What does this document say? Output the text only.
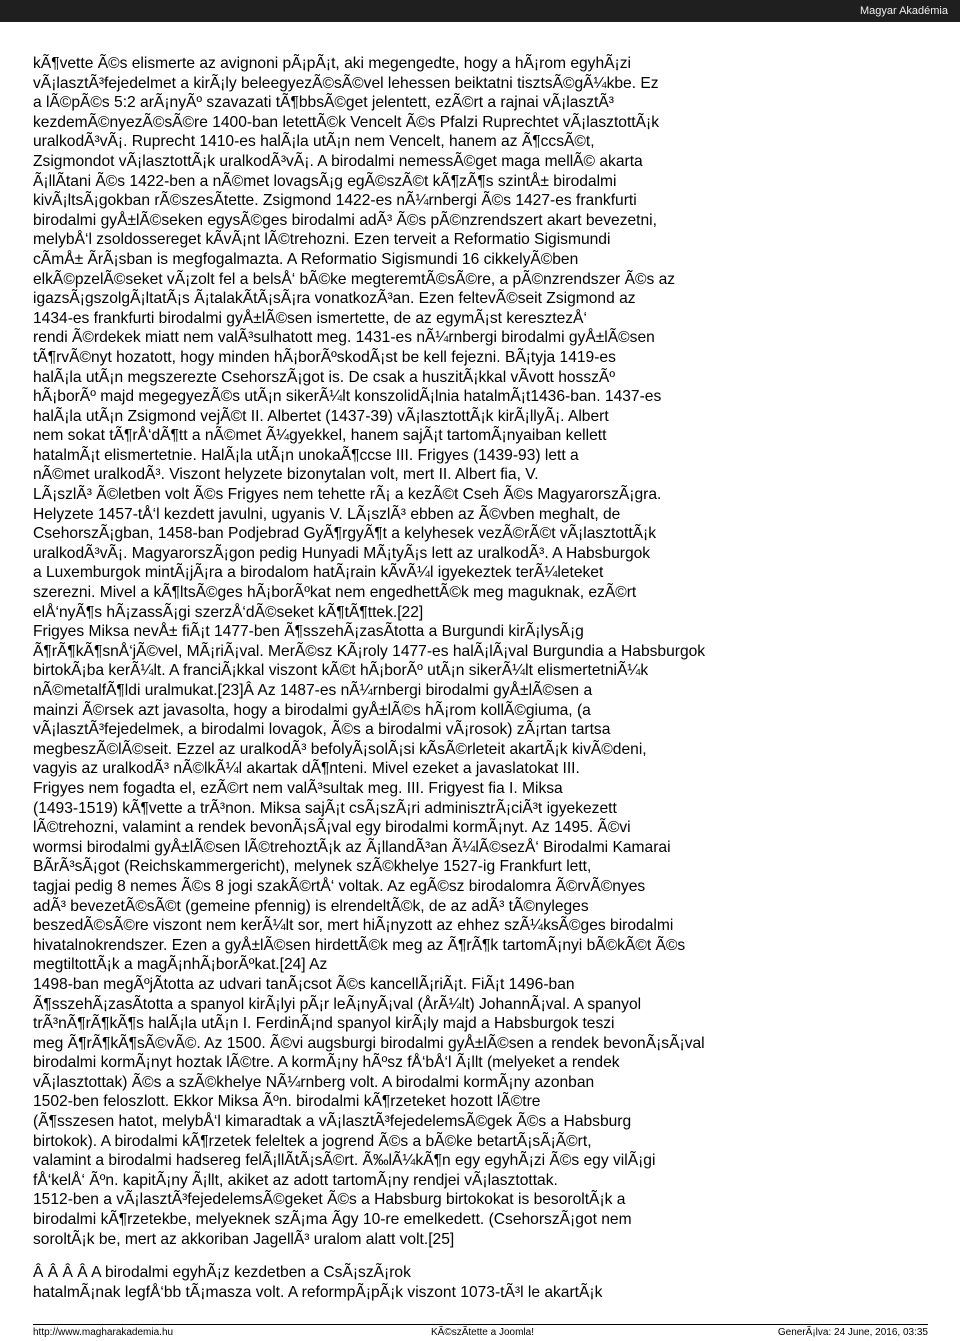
Magyar Akadémia
kÃ¶vette Ã©s elismerte az avignoni pÃ¡pÃ¡t, aki megengedte, hogy a hÃ¡rom egyhÃ¡zi
vÃ¡lasztÃ³fejedelmet a kirÃ¡ly beleegyezÃ©sÃ©vel lehessen beiktatni tisztsÃ©gÃ¼kbe. Ez
a lÃ©pÃ©s 5:2 arÃ¡nyÃº szavazati tÃ¶bbsÃ©get jelentett, ezÃ©rt a rajnai vÃ¡lasztÃ³
kezdemÃ©nyezÃ©sÃ©re 1400-ban letettÃ©k Vencelt Ã©s Pfalzi Ruprechtet vÃ¡lasztottÃ¡k
uralkodÃ³vÃ¡. Ruprecht 1410-es halÃ¡la utÃ¡n nem Vencelt, hanem az Ã¶ccsÃ©t,
Zsigmondot vÃ¡lasztottÃ¡k uralkodÃ³vÃ¡. A birodalmi nemessÃ©get maga mellÃ© akarta
Ã¡llÃtani Ã©s 1422-ben a nÃ©met lovagsÃ¡g egÃ©szÃ©t kÃ¶zÃ¶s szintÅ± birodalmi
kivÃ¡ltsÃ¡gokban rÃ©szesÃtette. Zsigmond 1422-es nÃ¼rnbergi Ã©s 1427-es frankfurti
birodalmi gyÅ±lÃ©seken egysÃ©ges birodalmi adÃ³ Ã©s pÃ©nzrendszert akart bevezetni,
melybÅ‘l zsoldossereget kÃvÃ¡nt lÃ©trehozni. Ezen terveit a Reformatio Sigismundi
cÃmÅ± ÃrÃ¡sban is megfogalmazta. A Reformatio Sigismundi 16 cikkelyÃ©ben
elkÃ©pzelÃ©seket vÃ¡zolt fel a belsÅ‘ bÃ©ke megteremtÃ©sÃ©re, a pÃ©nzrendszer Ã©s az
igazsÃ¡gszolgÃ¡ltatÃ¡s Ã¡talakÃtÃ¡sÃ¡ra vonatkozÃ³an. Ezen feltevÃ©seit Zsigmond az
1434-es frankfurti birodalmi gyÅ±lÃ©sen ismertette, de az egymÃ¡st keresztezÅ‘
rendi Ã©rdekek miatt nem valÃ³sulhatott meg. 1431-es nÃ¼rnbergi birodalmi gyÅ±lÃ©sen
tÃ¶rvÃ©nyt hozatott, hogy minden hÃ¡borÃºskodÃ¡st be kell fejezni. BÃ¡tyja 1419-es
halÃ¡la utÃ¡n megszerezte CsehorszÃ¡got is. De csak a huszitÃ¡kkal vÃvott hosszÃº
hÃ¡borÃº majd megegyezÃ©s utÃ¡n sikerÃ¼lt konszolidÃ¡lnia hatalmÃ¡t1436-ban. 1437-es
halÃ¡la utÃ¡n Zsigmond vejÃ©t II. Albertet (1437-39) vÃ¡lasztottÃ¡k kirÃ¡llyÃ¡. Albert
nem sokat tÃ¶rÅ‘dÃ¶tt a nÃ©met Ã¼gyekkel, hanem sajÃ¡t tartomÃ¡nyaiban kellett
hatalmÃ¡t elismertetnie. HalÃ¡la utÃ¡n unokaÃ¶ccse III. Frigyes (1439-93) lett a
nÃ©met uralkodÃ³. Viszont helyzete bizonytalan volt, mert II. Albert fia, V.
LÃ¡szlÃ³ Ã©letben volt Ã©s Frigyes nem tehette rÃ¡ a kezÃ©t Cseh Ã©s MagyarorszÃ¡gra.
Helyzete 1457-tÅ‘l kezdett javulni, ugyanis V. LÃ¡szlÃ³ ebben az Ã©vben meghalt, de
CsehorszÃ¡gban, 1458-ban Podjebrad GyÃ¶rgyÃ¶t a kelyhesek vezÃ©rÃ©t vÃ¡lasztottÃ¡k
uralkodÃ³vÃ¡. MagyarorszÃ¡gon pedig Hunyadi MÃ¡tyÃ¡s lett az uralkodÃ³. A Habsburgok
a Luxemburgok mintÃ¡jÃ¡ra a birodalom hatÃ¡rain kÃvÃ¼l igyekeztek terÃ¼leteket
szerezni. Mivel a kÃ¶ltsÃ©ges hÃ¡borÃºkat nem engedhettÃ©k meg maguknak, ezÃ©rt
elÅ‘nyÃ¶s hÃ¡zassÃ¡gi szerzÅ‘dÃ©seket kÃ¶tÃ¶ttek.[22]
Frigyes Miksa nevÅ± fiÃ¡t 1477-ben Ã¶sszehÃ¡zasÃtotta a Burgundi kirÃ¡lysÃ¡g
Ã¶rÃ¶kÃ¶snÅ‘jÃ©vel, MÃ¡riÃ¡val. MerÃ©sz KÃ¡roly 1477-es halÃ¡lÃ¡val Burgundia a Habsburgok
birtokÃ¡ba kerÃ¼lt. A franciÃ¡kkal viszont kÃ©t hÃ¡borÃº utÃ¡n sikerÃ¼lt elismertetniÃ¼k
nÃ©metalfÃ¶ldi uralmukat.[23]Â Az 1487-es nÃ¼rnbergi birodalmi gyÅ±lÃ©sen a
mainzi Ã©rsek azt javasolta, hogy a birodalmi gyÅ±lÃ©s hÃ¡rom kollÃ©giuma, (a
vÃ¡lasztÃ³fejedelmek, a birodalmi lovagok, Ã©s a birodalmi vÃ¡rosok) zÃ¡rtan tartsa
megbeszÃ©lÃ©seit. Ezzel az uralkodÃ³ befolyÃ¡solÃ¡si kÃsÃ©rleteit akartÃ¡k kivÃ©deni,
vagyis az uralkodÃ³ nÃ©lkÃ¼l akartak dÃ¶nteni. Mivel ezeket a javaslatokat III.
Frigyes nem fogadta el, ezÃ©rt nem valÃ³sultak meg. III. Frigyest fia I. Miksa
(1493-1519) kÃ¶vette a trÃ³non. Miksa sajÃ¡t csÃ¡szÃ¡ri adminisztrÃ¡ciÃ³t igyekezett
lÃ©trehozni, valamint a rendek bevonÃ¡sÃ¡val egy birodalmi kormÃ¡nyt. Az 1495. Ã©vi
wormsi birodalmi gyÅ±lÃ©sen lÃ©trehoztÃ¡k az Ã¡llandÃ³an Ã¼lÃ©sezÅ‘ Birodalmi Kamarai
BÃrÃ³sÃ¡got (Reichskammergericht), melynek szÃ©khelye 1527-ig Frankfurt lett,
tagjai pedig 8 nemes Ã©s 8 jogi szakÃ©rtÅ‘ voltak. Az egÃ©sz birodalomra Ã©rvÃ©nyes
adÃ³ bevezetÃ©sÃ©t (gemeine pfennig) is elrendeltÃ©k, de az adÃ³ tÃ©nyleges
beszedÃ©sÃ©re viszont nem kerÃ¼lt sor, mert hiÃ¡nyzott az ehhez szÃ¼ksÃ©ges birodalmi
hivatalnokrendszer. Ezen a gyÅ±lÃ©sen hirdettÃ©k meg az Ã¶rÃ¶k tartomÃ¡nyi bÃ©kÃ©t Ã©s
megtiltottÃ¡k a magÃ¡nhÃ¡borÃºkat.[24] Az
1498-ban megÃºjÃtotta az udvari tanÃ¡csot Ã©s kancellÃ¡riÃ¡t. FiÃ¡t 1496-ban
Ã¶sszehÃ¡zasÃtotta a spanyol kirÃ¡lyi pÃ¡r leÃ¡nyÃ¡val (ÅrÃ¼lt) JohannÃ¡val. A spanyol
trÃ³nÃ¶rÃ¶kÃ¶s halÃ¡la utÃ¡n I. FerdinÃ¡nd spanyol kirÃ¡ly majd a Habsburgok teszi
meg Ã¶rÃ¶kÃ¶sÃ©vÃ©. Az 1500. Ã©vi augsburgi birodalmi gyÅ±lÃ©sen a rendek bevonÃ¡sÃ¡val
birodalmi kormÃ¡nyt hoztak lÃ©tre. A kormÃ¡ny hÃºsz fÅ‘bÅ‘l Ã¡llt (melyeket a rendek
vÃ¡lasztottak) Ã©s a szÃ©khelye NÃ¼rnberg volt. A birodalmi kormÃ¡ny azonban
1502-ben feloszlott. Ekkor Miksa Ãºn. birodalmi kÃ¶rzeteket hozott lÃ©tre
(Ã¶sszesen hatot, melybÅ‘l kimaradtak a vÃ¡lasztÃ³fejedelemsÃ©gek Ã©s a Habsburg
birtokok). A birodalmi kÃ¶rzetek feleltek a jogrend Ã©s a bÃ©ke betartÃ¡sÃ¡Ã©rt,
valamint a birodalmi hadsereg felÃ¡llÃtÃ¡sÃ©rt. Ã‰lÃ¼kÃ¶n egy egyhÃ¡zi Ã©s egy vilÃ¡gi
fÅ‘kelÅ‘ Ãºn. kapitÃ¡ny Ã¡llt, akiket az adott tartomÃ¡ny rendjei vÃ¡lasztottak.
1512-ben a vÃ¡lasztÃ³fejedelemsÃ©geket Ã©s a Habsburg birtokokat is besoroltÃ¡k a
birodalmi kÃ¶rzetekbe, melyeknek szÃ¡ma Ãgy 10-re emelkedett. (CsehorszÃ¡got nem
soroltÃ¡k be, mert az akkoriban JagellÃ³ uralom alatt volt.[25]
Â Â Â Â A birodalmi egyhÃ¡z kezdetben a CsÃ¡szÃ¡rok
hatalmÃ¡nak legfÅ‘bb tÃ¡masza volt. A reformpÃ¡pÃ¡k viszont 1073-tÃ³l le akartÃ¡k
http://www.magharakademia.hu	KÃ©szÃtette a Joomla!	GenerÃ¡lva: 24 June, 2016, 03:35
